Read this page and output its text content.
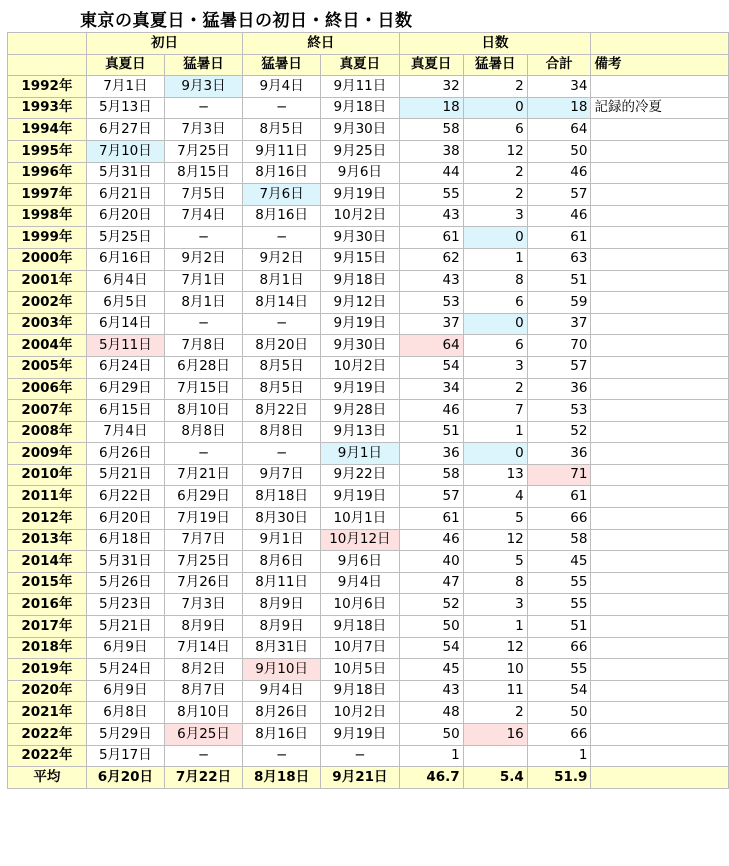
東京の真夏日・猛暑日の初日・終日・日数
	初日		終日		日数			
	真夏日	猛暑日	猛暑日	真夏日	真夏日	猛暑日	合計	備考
1992年	7月1日	9月3日	9月4日	9月11日	32	2	34	
1993年	5月13日	−	−	9月18日	18	0	18	記録的冷夏
1994年	6月27日	7月3日	8月5日	9月30日	58	6	64	
1995年	7月10日	7月25日	9月11日	9月25日	38	12	50	
1996年	5月31日	8月15日	8月16日	9月6日	44	2	46	
1997年	6月21日	7月5日	7月6日	9月19日	55	2	57	
1998年	6月20日	7月4日	8月16日	10月2日	43	3	46	
1999年	5月25日	−	−	9月30日	61	0	61	
2000年	6月16日	9月2日	9月2日	9月15日	62	1	63	
2001年	6月4日	7月1日	8月1日	9月18日	43	8	51	
2002年	6月5日	8月1日	8月14日	9月12日	53	6	59	
2003年	6月14日	−	−	9月19日	37	0	37	
2004年	5月11日	7月8日	8月20日	9月30日	64	6	70	
2005年	6月24日	6月28日	8月5日	10月2日	54	3	57	
2006年	6月29日	7月15日	8月5日	9月19日	34	2	36	
2007年	6月15日	8月10日	8月22日	9月28日	46	7	53	
2008年	7月4日	8月8日	8月8日	9月13日	51	1	52	
2009年	6月26日	−	−	9月1日	36	0	36	
2010年	5月21日	7月21日	9月7日	9月22日	58	13	71	
2011年	6月22日	6月29日	8月18日	9月19日	57	4	61	
2012年	6月20日	7月19日	8月30日	10月1日	61	5	66	
2013年	6月18日	7月7日	9月1日	10月12日	46	12	58	
2014年	5月31日	7月25日	8月6日	9月6日	40	5	45	
2015年	5月26日	7月26日	8月11日	9月4日	47	8	55	
2016年	5月23日	7月3日	8月9日	10月6日	52	3	55	
2017年	5月21日	8月9日	8月9日	9月18日	50	1	51	
2018年	6月9日	7月14日	8月31日	10月7日	54	12	66	
2019年	5月24日	8月2日	9月10日	10月5日	45	10	55	
2020年	6月9日	8月7日	9月4日	9月18日	43	11	54	
2021年	6月8日	8月10日	8月26日	10月2日	48	2	50	
2022年	5月29日	6月25日	8月16日	9月19日	50	16	66	
2022年	5月17日	−	−	−	1		1	
平均	6月20日	7月22日	8月18日	9月21日	46.7	5.4	51.9	
